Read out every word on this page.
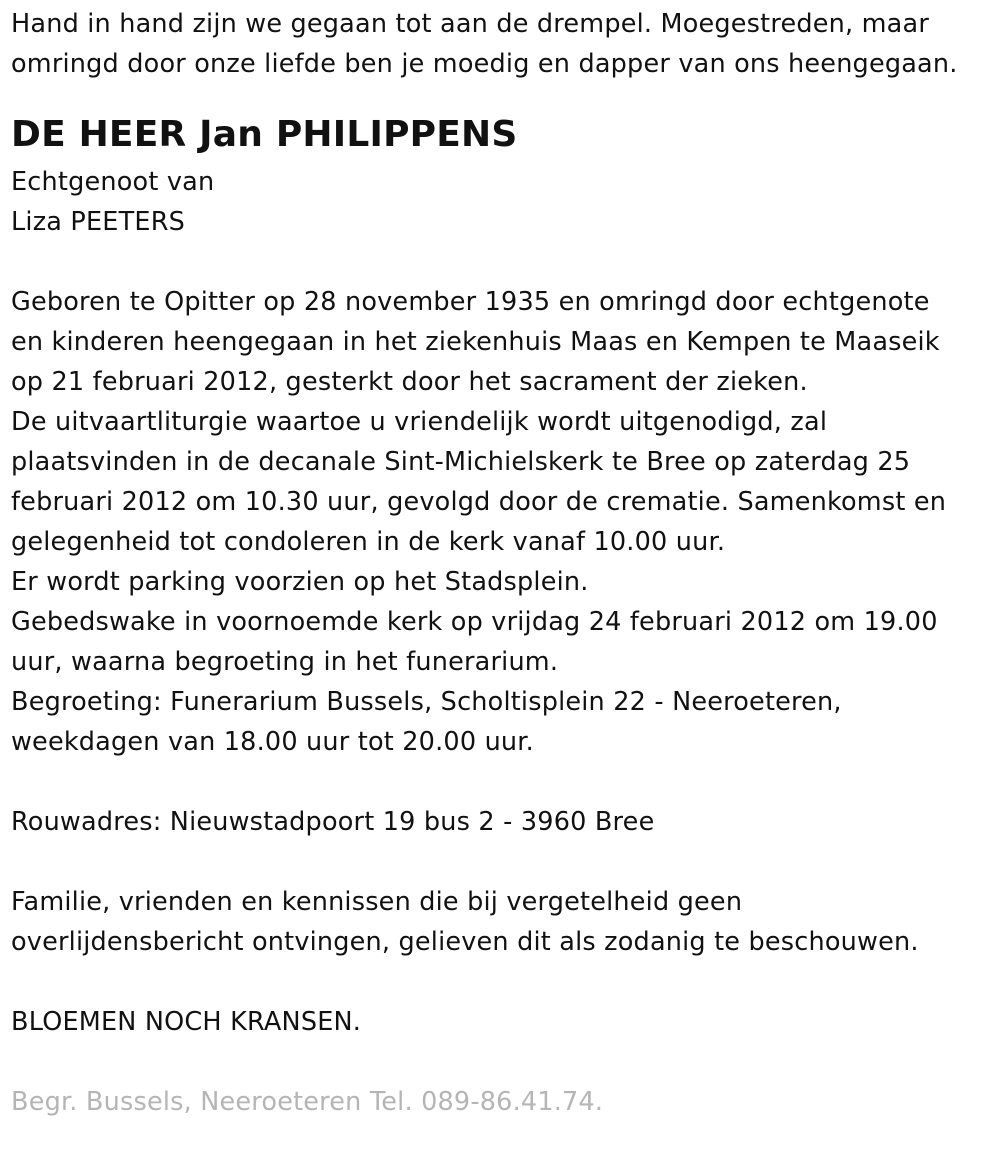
Hand in hand zijn we gegaan tot aan de drempel. Moegestreden, maar
omringd door onze liefde ben je moedig en dapper van ons heengegaan.
DE HEER Jan PHILIPPENS
Echtgenoot van
Liza PEETERS
Geboren te Opitter op 28 november 1935 en omringd door echtgenote
en kinderen heengegaan in het ziekenhuis Maas en Kempen te Maaseik
op 21 februari 2012, gesterkt door het sacrament der zieken.
De uitvaartliturgie waartoe u vriendelijk wordt uitgenodigd, zal
plaatsvinden in de decanale Sint-Michielskerk te Bree op zaterdag 25
februari 2012 om 10.30 uur, gevolgd door de crematie. Samenkomst en
gelegenheid tot condoleren in de kerk vanaf 10.00 uur.
Er wordt parking voorzien op het Stadsplein.
Gebedswake in voornoemde kerk op vrijdag 24 februari 2012 om 19.00
uur, waarna begroeting in het funerarium.
Begroeting: Funerarium Bussels, Scholtisplein 22 - Neeroeteren,
weekdagen van 18.00 uur tot 20.00 uur.
Rouwadres: Nieuwstadpoort 19 bus 2 - 3960 Bree
Familie, vrienden en kennissen die bij vergetelheid geen
overlijdensbericht ontvingen, gelieven dit als zodanig te beschouwen.
BLOEMEN NOCH KRANSEN.
Begr. Bussels, Neeroeteren Tel. 089-86.41.74.
